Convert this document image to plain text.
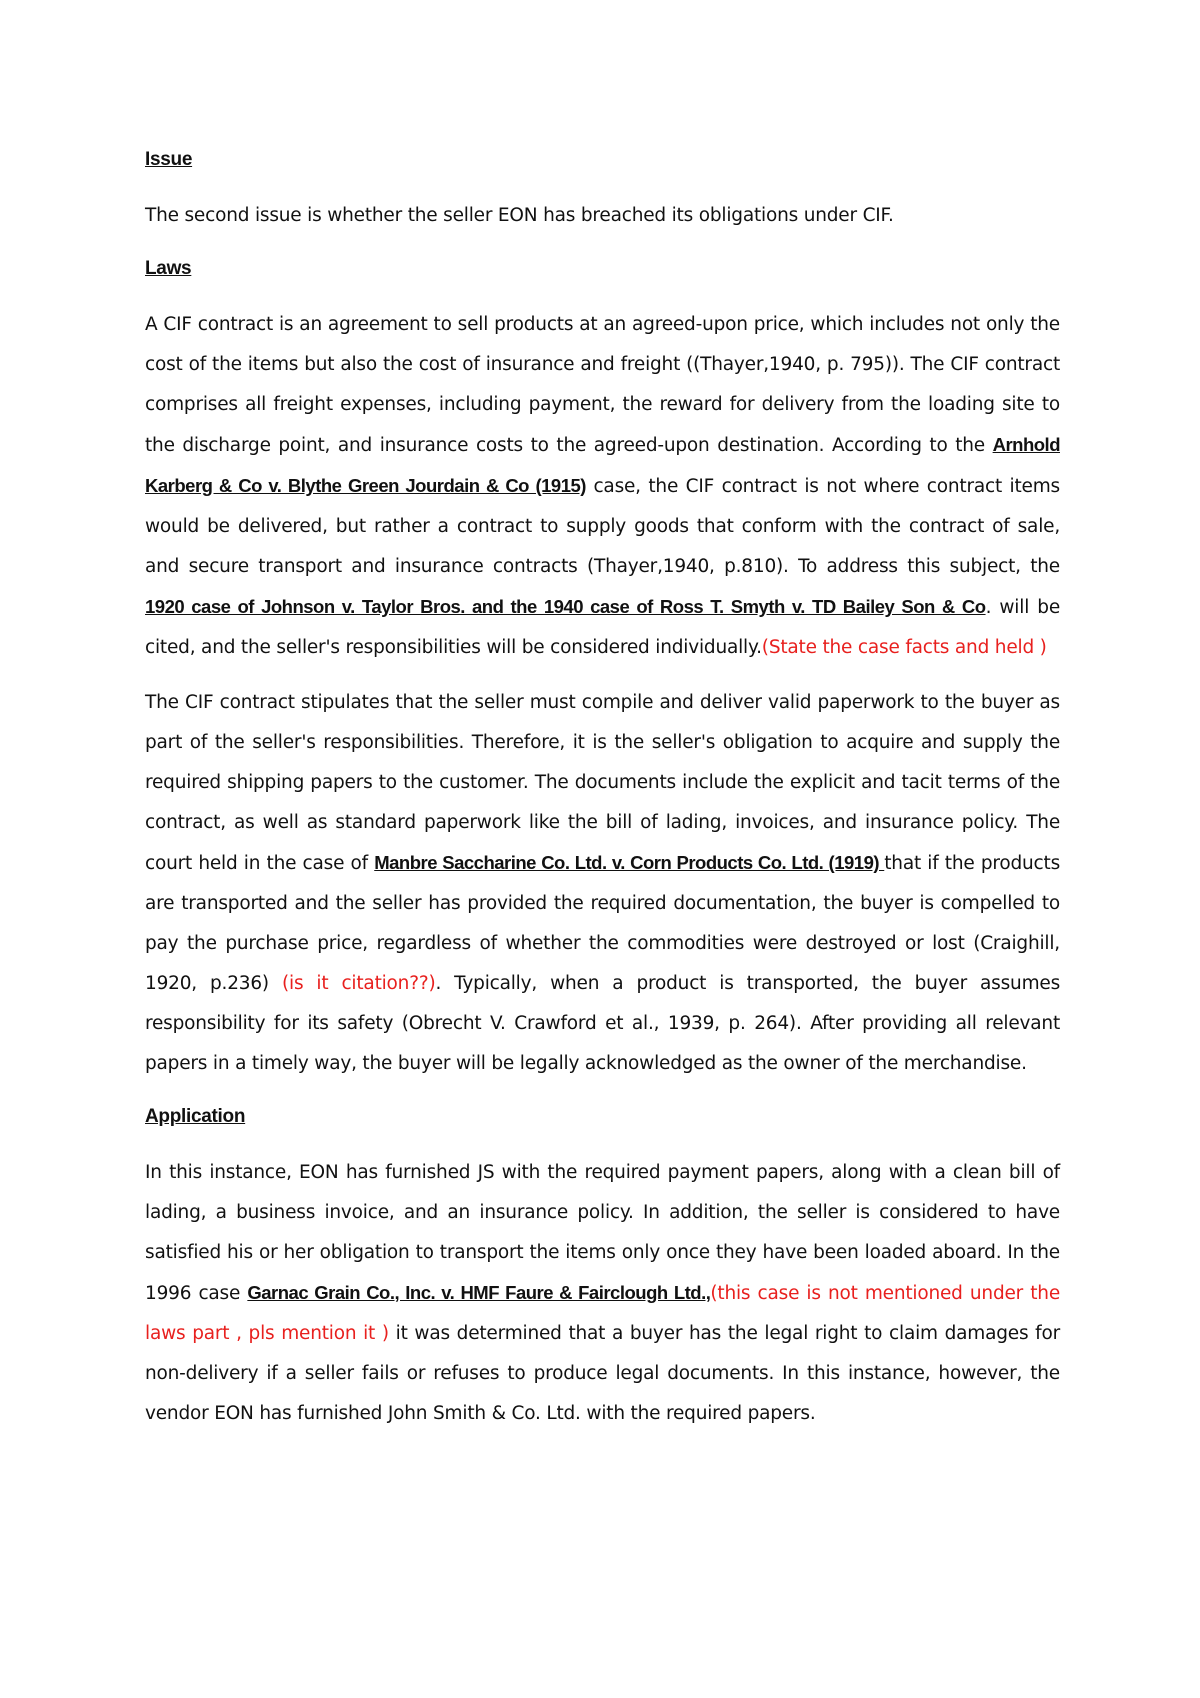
Issue

The second issue is whether the seller EON has breached its obligations under CIF.

Laws

A CIF contract is an agreement to sell products at an agreed-upon price, which includes not only the cost of the items but also the cost of insurance and freight ((Thayer,1940, p. 795)). The CIF contract comprises all freight expenses, including payment, the reward for delivery from the loading site to the discharge point, and insurance costs to the agreed-upon destination. According to the Arnhold Karberg & Co v. Blythe Green Jourdain & Co (1915) case, the CIF contract is not where contract items would be delivered, but rather a contract to supply goods that conform with the contract of sale, and secure transport and insurance contracts (Thayer,1940, p.810). To address this subject, the 1920 case of Johnson v. Taylor Bros. and the 1940 case of Ross T. Smyth v. TD Bailey Son & Co. will be cited, and the seller's responsibilities will be considered individually.(State the case facts and held )

The CIF contract stipulates that the seller must compile and deliver valid paperwork to the buyer as part of the seller's responsibilities. Therefore, it is the seller's obligation to acquire and supply the required shipping papers to the customer. The documents include the explicit and tacit terms of the contract, as well as standard paperwork like the bill of lading, invoices, and insurance policy. The court held in the case of Manbre Saccharine Co. Ltd. v. Corn Products Co. Ltd. (1919) that if the products are transported and the seller has provided the required documentation, the buyer is compelled to pay the purchase price, regardless of whether the commodities were destroyed or lost (Craighill, 1920, p.236) (is it citation??). Typically, when a product is transported, the buyer assumes responsibility for its safety (Obrecht V. Crawford et al., 1939, p. 264). After providing all relevant papers in a timely way, the buyer will be legally acknowledged as the owner of the merchandise.

Application

In this instance, EON has furnished JS with the required payment papers, along with a clean bill of lading, a business invoice, and an insurance policy. In addition, the seller is considered to have satisfied his or her obligation to transport the items only once they have been loaded aboard. In the 1996 case Garnac Grain Co., Inc. v. HMF Faure & Fairclough Ltd.,(this case is not mentioned under the laws part , pls mention it ) it was determined that a buyer has the legal right to claim damages for non-delivery if a seller fails or refuses to produce legal documents. In this instance, however, the vendor EON has furnished John Smith & Co. Ltd. with the required papers.
